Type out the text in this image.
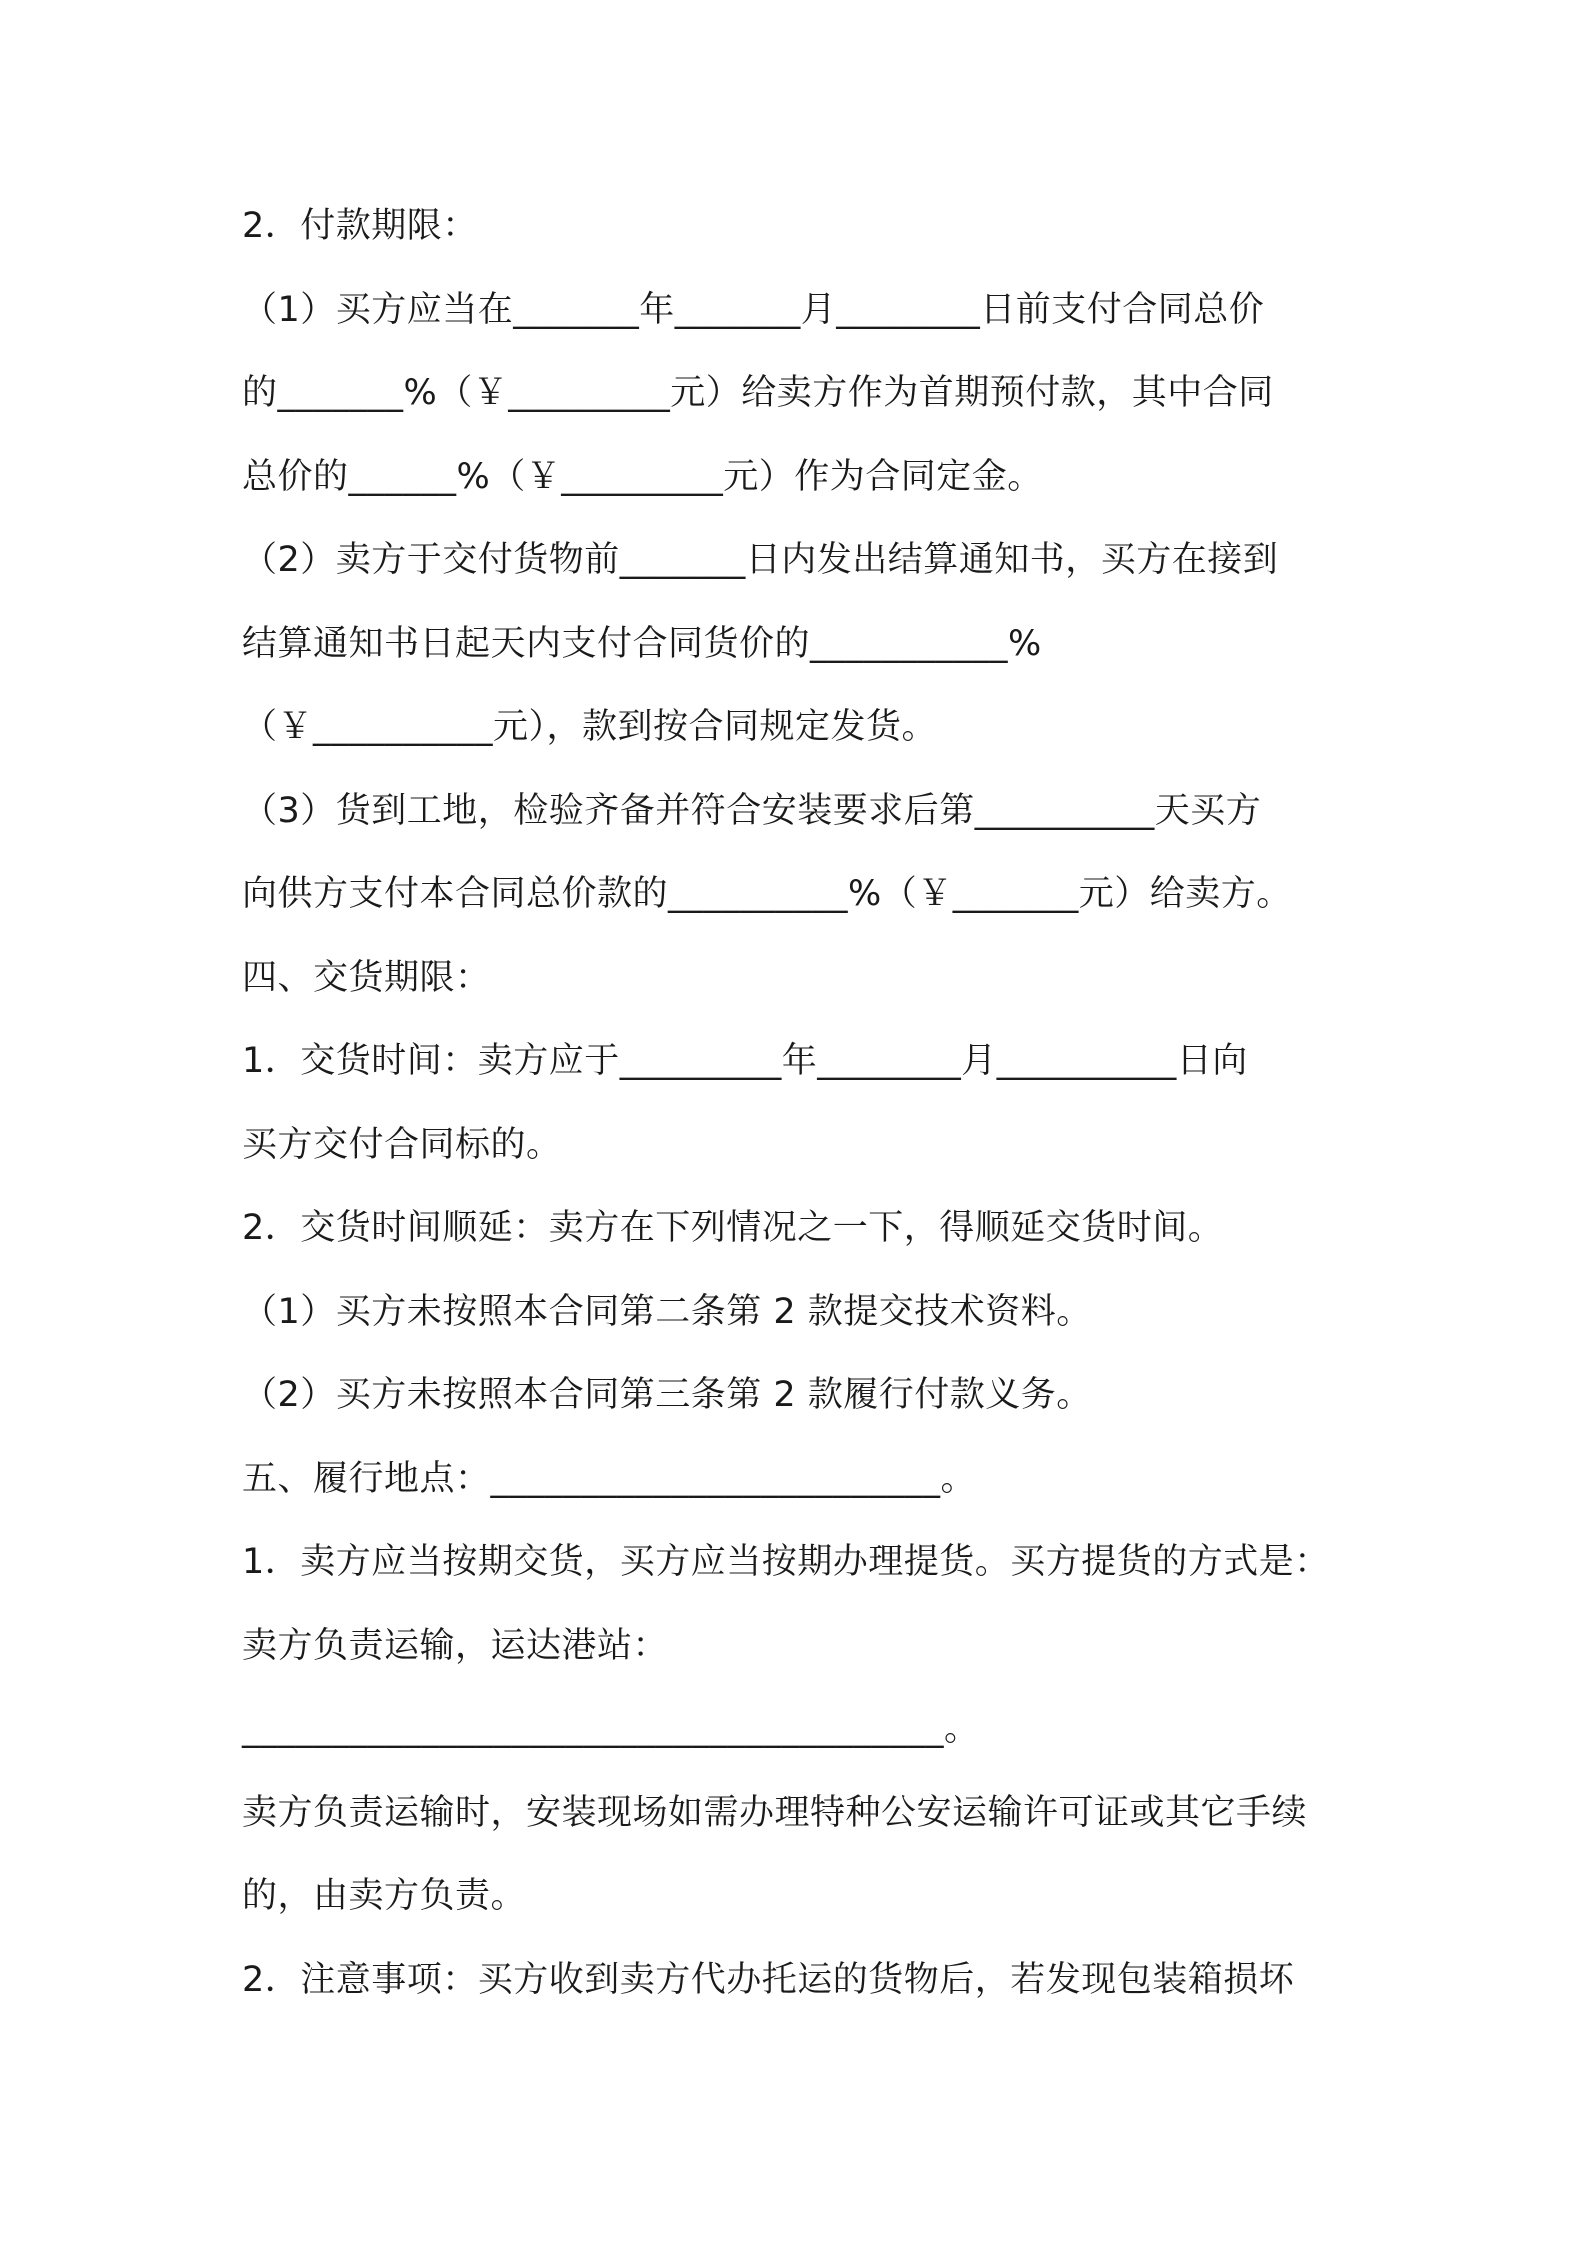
2．付款期限：
（1）买方应当在_______年_______月________日前支付合同总价
的_______%（￥_________元）给卖方作为首期预付款，其中合同
总价的______%（￥_________元）作为合同定金。
（2）卖方于交付货物前_______日内发出结算通知书，买方在接到
结算通知书日起天内支付合同货价的___________%
（￥__________元），款到按合同规定发货。
（3）货到工地，检验齐备并符合安装要求后第__________天买方
向供方支付本合同总价款的__________%（￥_______元）给卖方。
四、交货期限：
1．交货时间：卖方应于_________年________月__________日向
买方交付合同标的。
2．交货时间顺延：卖方在下列情况之一下，得顺延交货时间。
（1）买方未按照本合同第二条第 2 款提交技术资料。
（2）买方未按照本合同第三条第 2 款履行付款义务。
五、履行地点：_________________________。
1．卖方应当按期交货，买方应当按期办理提货。买方提货的方式是：
卖方负责运输，运达港站：
_______________________________________。
卖方负责运输时，安装现场如需办理特种公安运输许可证或其它手续
的，由卖方负责。
2．注意事项：买方收到卖方代办托运的货物后，若发现包装箱损坏
